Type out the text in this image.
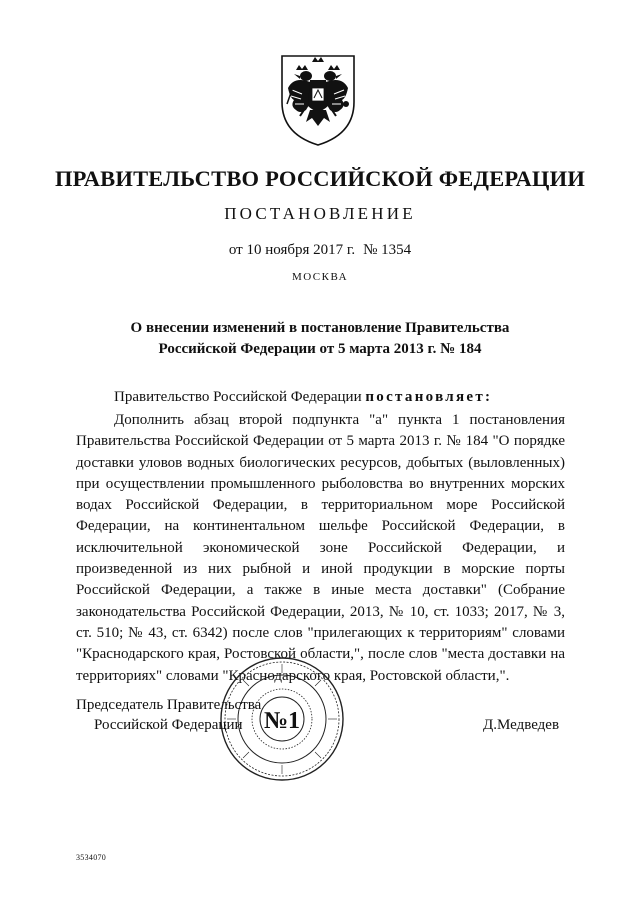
ПРАВИТЕЛЬСТВО РОССИЙСКОЙ ФЕДЕРАЦИИ
ПОСТАНОВЛЕНИЕ
от 10 ноября 2017 г. № 1354
МОСКВА
О внесении изменений в постановление Правительства
Российской Федерации от 5 марта 2013 г. № 184
Правительство Российской Федерации постановляет:

Дополнить абзац второй подпункта "а" пункта 1 постановления Правительства Российской Федерации от 5 марта 2013 г. № 184 "О порядке доставки уловов водных биологических ресурсов, добытых (выловленных) при осуществлении промышленного рыболовства во внутренних морских водах Российской Федерации, в территориальном море Российской Федерации, на континентальном шельфе Российской Федерации, в исключительной экономической зоне Российской Федерации, и произведенной из них рыбной и иной продукции в морские порты Российской Федерации, а также в иные места доставки" (Собрание законодательства Российской Федерации, 2013, № 10, ст. 1033; 2017, № 3, ст. 510; № 43, ст. 6342) после слов "прилегающих к территориям" словами "Краснодарского края, Ростовской области,", после слов "места доставки на территориях" словами "Краснодарского края, Ростовской области,".

№1
Председатель Правительства
Российской Федерации	Д.Медведев
3534070
